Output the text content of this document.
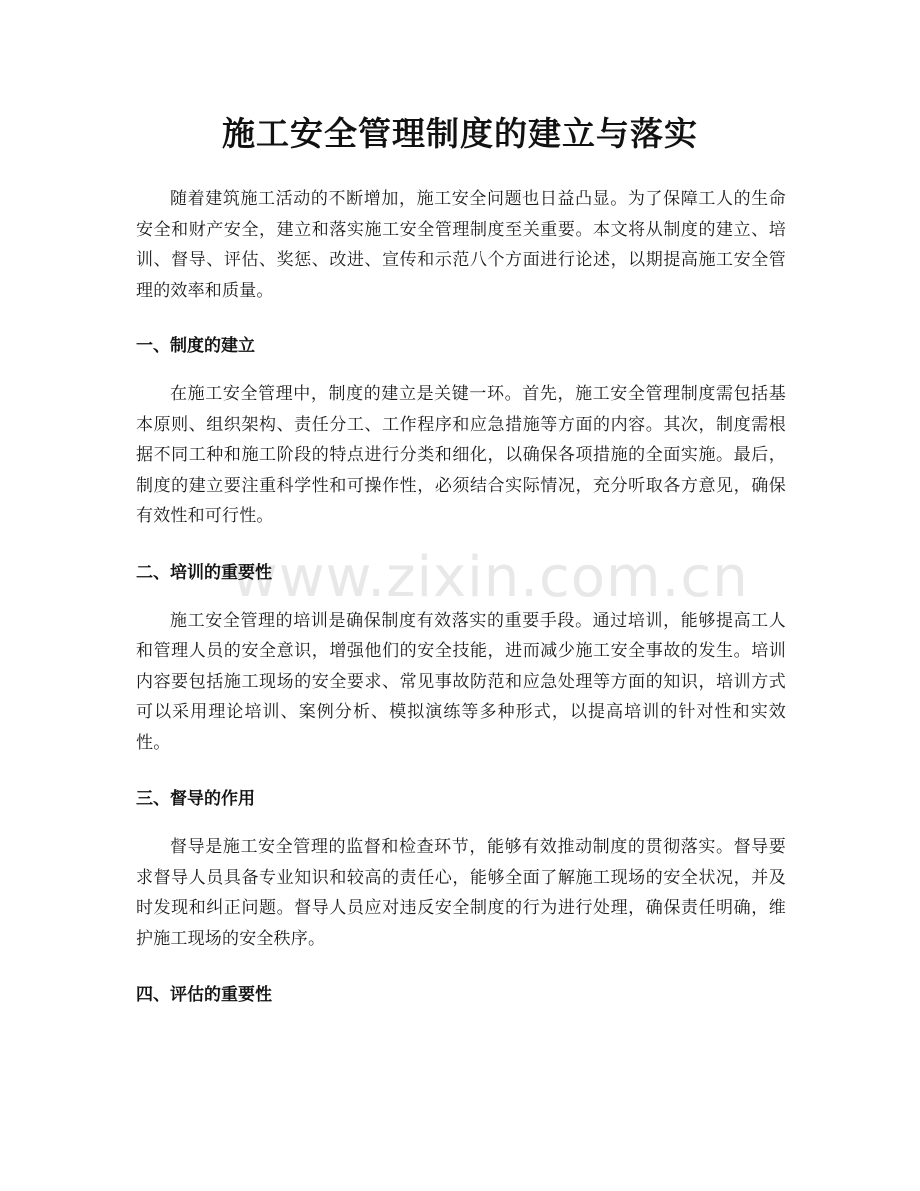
施工安全管理制度的建立与落实
www.zixin.com.cn

随着建筑施工活动的不断增加，施工安全问题也日益凸显。为了保障工人的生命安全和财产安全，建立和落实施工安全管理制度至关重要。本文将从制度的建立、培训、督导、评估、奖惩、改进、宣传和示范八个方面进行论述，以期提高施工安全管理的效率和质量。

一、制度的建立

在施工安全管理中，制度的建立是关键一环。首先，施工安全管理制度需包括基本原则、组织架构、责任分工、工作程序和应急措施等方面的内容。其次，制度需根据不同工种和施工阶段的特点进行分类和细化，以确保各项措施的全面实施。最后，制度的建立要注重科学性和可操作性，必须结合实际情况，充分听取各方意见，确保有效性和可行性。

二、培训的重要性

施工安全管理的培训是确保制度有效落实的重要手段。通过培训，能够提高工人和管理人员的安全意识，增强他们的安全技能，进而减少施工安全事故的发生。培训内容要包括施工现场的安全要求、常见事故防范和应急处理等方面的知识，培训方式可以采用理论培训、案例分析、模拟演练等多种形式，以提高培训的针对性和实效性。

三、督导的作用

督导是施工安全管理的监督和检查环节，能够有效推动制度的贯彻落实。督导要求督导人员具备专业知识和较高的责任心，能够全面了解施工现场的安全状况，并及时发现和纠正问题。督导人员应对违反安全制度的行为进行处理，确保责任明确，维护施工现场的安全秩序。

四、评估的重要性
